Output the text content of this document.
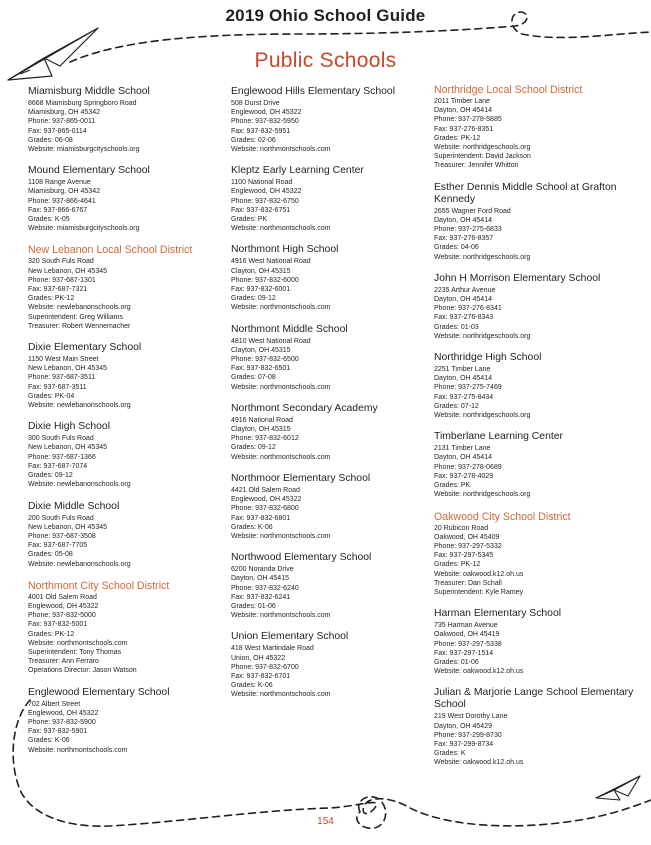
2019 Ohio School Guide
Public Schools
Miamisburg Middle School
8668 Miamisburg Springboro Road
Miamisburg, OH 45342
Phone: 937-865-0011
Fax: 937-865-0114
Grades: 06-08
Website: miamisburgcityschools.org
Mound Elementary School
1108 Range Avenue
Miamisburg, OH 45342
Phone: 937-866-4641
Fax: 937-866-6767
Grades: K-05
Website: miamisburgcityschools.org
New Lebanon Local School District
320 South Fuls Road
New Lebanon, OH 45345
Phone: 937-687-1301
Fax: 937-687-7321
Grades: PK-12
Website: newlebanonschools.org
Superintendent: Greg Williams
Treasurer: Robert Wennemacher
Dixie Elementary School
1150 West Main Street
New Lebanon, OH 45345
Phone: 937-687-3511
Fax: 937-687-3511
Grades: PK-04
Website: newlebanonschools.org
Dixie High School
300 South Fuls Road
New Lebanon, OH 45345
Phone: 937-687-1366
Fax: 937-687-7074
Grades: 09-12
Website: newlebanonschools.org
Dixie Middle School
200 South Fuls Road
New Lebanon, OH 45345
Phone: 937-687-3508
Fax: 937-687-7705
Grades: 05-08
Website: newlebanonschools.org
Northmont City School District
4001 Old Salem Road
Englewood, OH 45322
Phone: 937-832-5000
Fax: 937-832-5001
Grades: PK-12
Website: northmontschools.com
Superintendent: Tony Thomas
Treasurer: Ann Ferraro
Operations Director: Jason Watson
Englewood Elementary School
702 Albert Street
Englewood, OH 45322
Phone: 937-832-5900
Fax: 937-832-5901
Grades: K-06
Website: northmontschools.com
Englewood Hills Elementary School
508 Durst Drive
Englewood, OH 45322
Phone: 937-832-5950
Fax: 937-832-5951
Grades: 02-06
Website: northmontschools.com
Kleptz Early Learning Center
1100 National Road
Englewood, OH 45322
Phone: 937-832-6750
Fax: 937-832-6751
Grades: PK
Website: northmontschools.com
Northmont High School
4916 West National Road
Clayton, OH 45315
Phone: 937-832-6000
Fax: 937-832-6001
Grades: 09-12
Website: northmontschools.com
Northmont Middle School
4810 West National Road
Clayton, OH 45315
Phone: 937-832-6500
Fax: 937-832-6501
Grades: 07-08
Website: northmontschools.com
Northmont Secondary Academy
4916 National Road
Clayton, OH 45315
Phone: 937-832-6012
Grades: 09-12
Website: northmontschools.com
Northmoor Elementary School
4421 Old Salem Road
Englewood, OH 45322
Phone: 937-832-6800
Fax: 937-832-6801
Grades: K-06
Website: northmontschools.com
Northwood Elementary School
6200 Noranda Drive
Dayton, OH 45415
Phone: 937-832-6240
Fax: 937-832-6241
Grades: 01-06
Website: northmontschools.com
Union Elementary School
418 West Martindale Road
Union, OH 45322
Phone: 937-832-6700
Fax: 937-832-6701
Grades: K-06
Website: northmontschools.com
Northridge Local School District
2011 Timber Lane
Dayton, OH 45414
Phone: 937-278-5885
Fax: 937-276-8351
Grades: PK-12
Website: northridgeschools.org
Superintendent: David Jackson
Treasurer: Jennifer Whitton
Esther Dennis Middle School at Grafton Kennedy
2655 Wagner Ford Road
Dayton, OH 45414
Phone: 937-275-6833
Fax: 937-276-8357
Grades: 04-06
Website: northridgeschools.org
John H Morrison Elementary School
2235 Arthur Avenue
Dayton, OH 45414
Phone: 937-276-8341
Fax: 937-276-8343
Grades: 01-03
Website: northridgeschools.org
Northridge High School
2251 Timber Lane
Dayton, OH 45414
Phone: 937-275-7469
Fax: 937-275-8434
Grades: 07-12
Website: northridgeschools.org
Timberlane Learning Center
2131 Timber Lane
Dayton, OH 45414
Phone: 937-278-0689
Fax: 937-278-4029
Grades: PK
Website: northridgeschools.org
Oakwood City School District
20 Rubicon Road
Oakwood, OH 45409
Phone: 937-297-5332
Fax: 937-297-5345
Grades: PK-12
Website: oakwood.k12.oh.us
Treasurer: Dan Schall
Superintendent: Kyle Ramey
Harman Elementary School
735 Harman Avenue
Oakwood, OH 45419
Phone: 937-297-5338
Fax: 937-297-1514
Grades: 01-06
Website: oakwood.k12.oh.us
Julian & Marjorie Lange School Elementary School
219 West Dorothy Lane
Dayton, OH 45429
Phone: 937-299-8730
Fax: 937-299-8734
Grades: K
Website: oakwood.k12.oh.us
154
